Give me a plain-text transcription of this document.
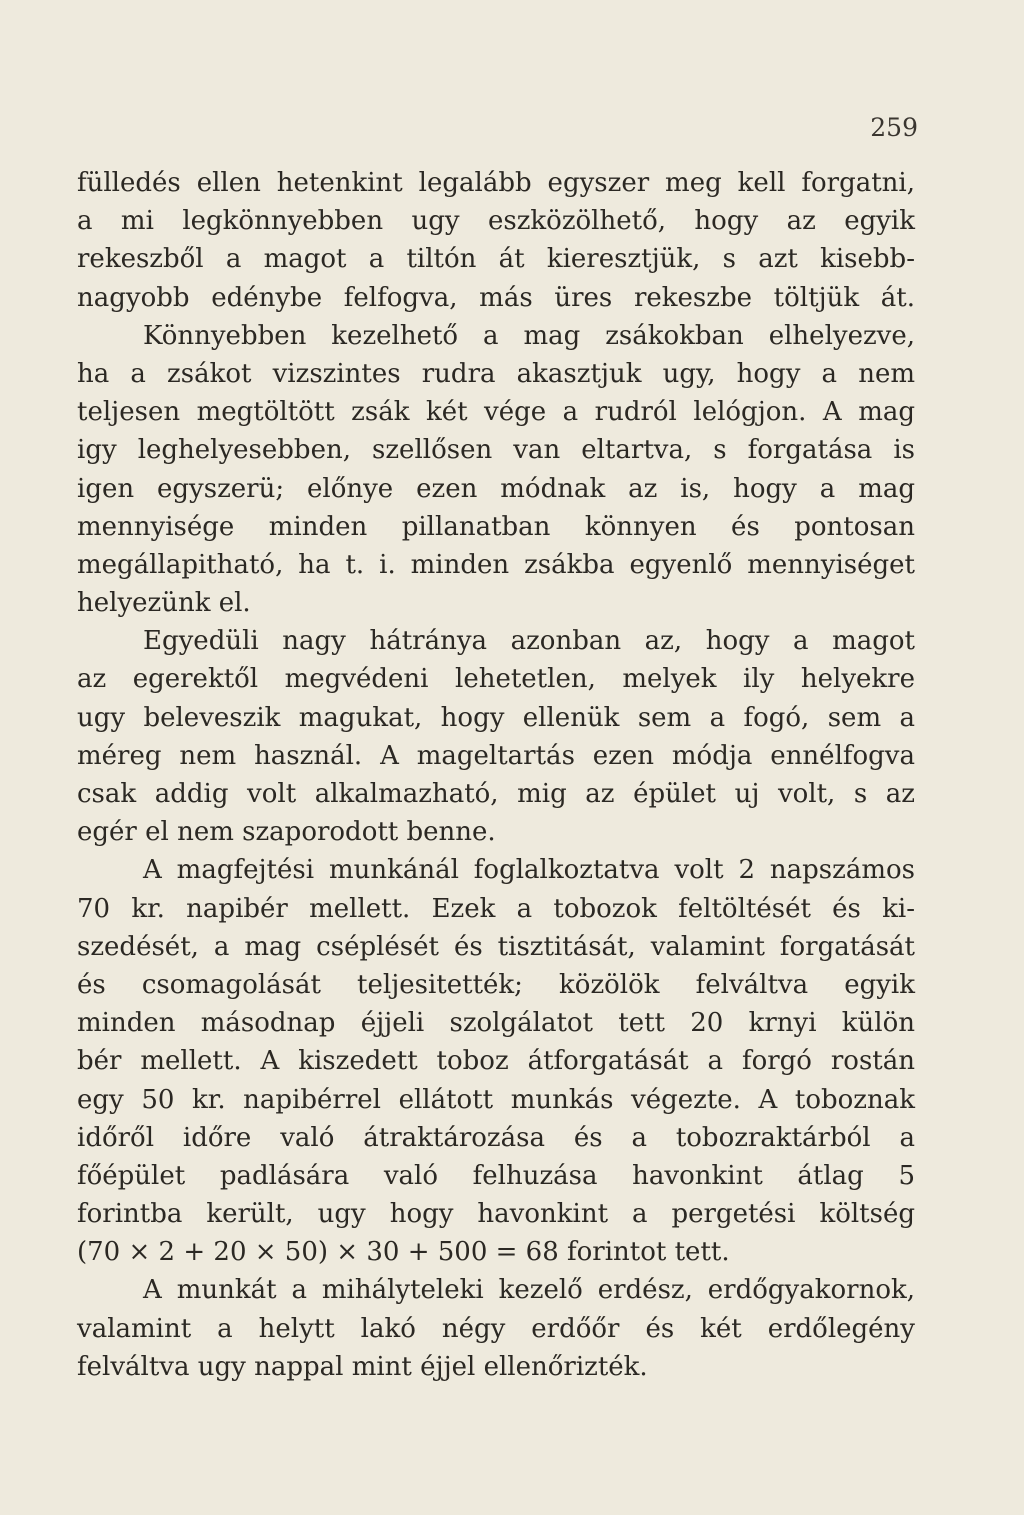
259
fülledés ellen hetenkint legalább egyszer meg kell forgatni,
a mi legkönnyebben ugy eszközölhető, hogy az egyik
rekeszből a magot a tiltón át kieresztjük, s azt kisebb-
nagyobb edénybe felfogva, más üres rekeszbe töltjük át.
Könnyebben kezelhető a mag zsákokban elhelyezve,
ha a zsákot vizszintes rudra akasztjuk ugy, hogy a nem
teljesen megtöltött zsák két vége a rudról lelógjon. A mag
igy leghelyesebben, szellősen van eltartva, s forgatása is
igen egyszerü; előnye ezen módnak az is, hogy a mag
mennyisége minden pillanatban könnyen és pontosan
megállapitható, ha t. i. minden zsákba egyenlő mennyiséget
helyezünk el.
Egyedüli nagy hátránya azonban az, hogy a magot
az egerektől megvédeni lehetetlen, melyek ily helyekre
ugy beleveszik magukat, hogy ellenük sem a fogó, sem a
méreg nem használ. A mageltartás ezen módja ennélfogva
csak addig volt alkalmazható, mig az épület uj volt, s az
egér el nem szaporodott benne.
A magfejtési munkánál foglalkoztatva volt 2 napszámos
70 kr. napibér mellett. Ezek a tobozok feltöltését és ki-
szedését, a mag cséplését és tisztitását, valamint forgatását
és csomagolását teljesitették; közölök felváltva egyik
minden másodnap éjjeli szolgálatot tett 20 krnyi külön
bér mellett. A kiszedett toboz átforgatását a forgó rostán
egy 50 kr. napibérrel ellátott munkás végezte. A toboznak
időről időre való átraktározása és a tobozraktárból a
főépület padlására való felhuzása havonkint átlag 5
forintba került, ugy hogy havonkint a pergetési költség
(70 × 2 + 20 × 50) × 30 + 500 = 68 forintot tett.
A munkát a mihályteleki kezelő erdész, erdőgyakornok,
valamint a helytt lakó négy erdőőr és két erdőlegény
felváltva ugy nappal mint éjjel ellenőrizték.
